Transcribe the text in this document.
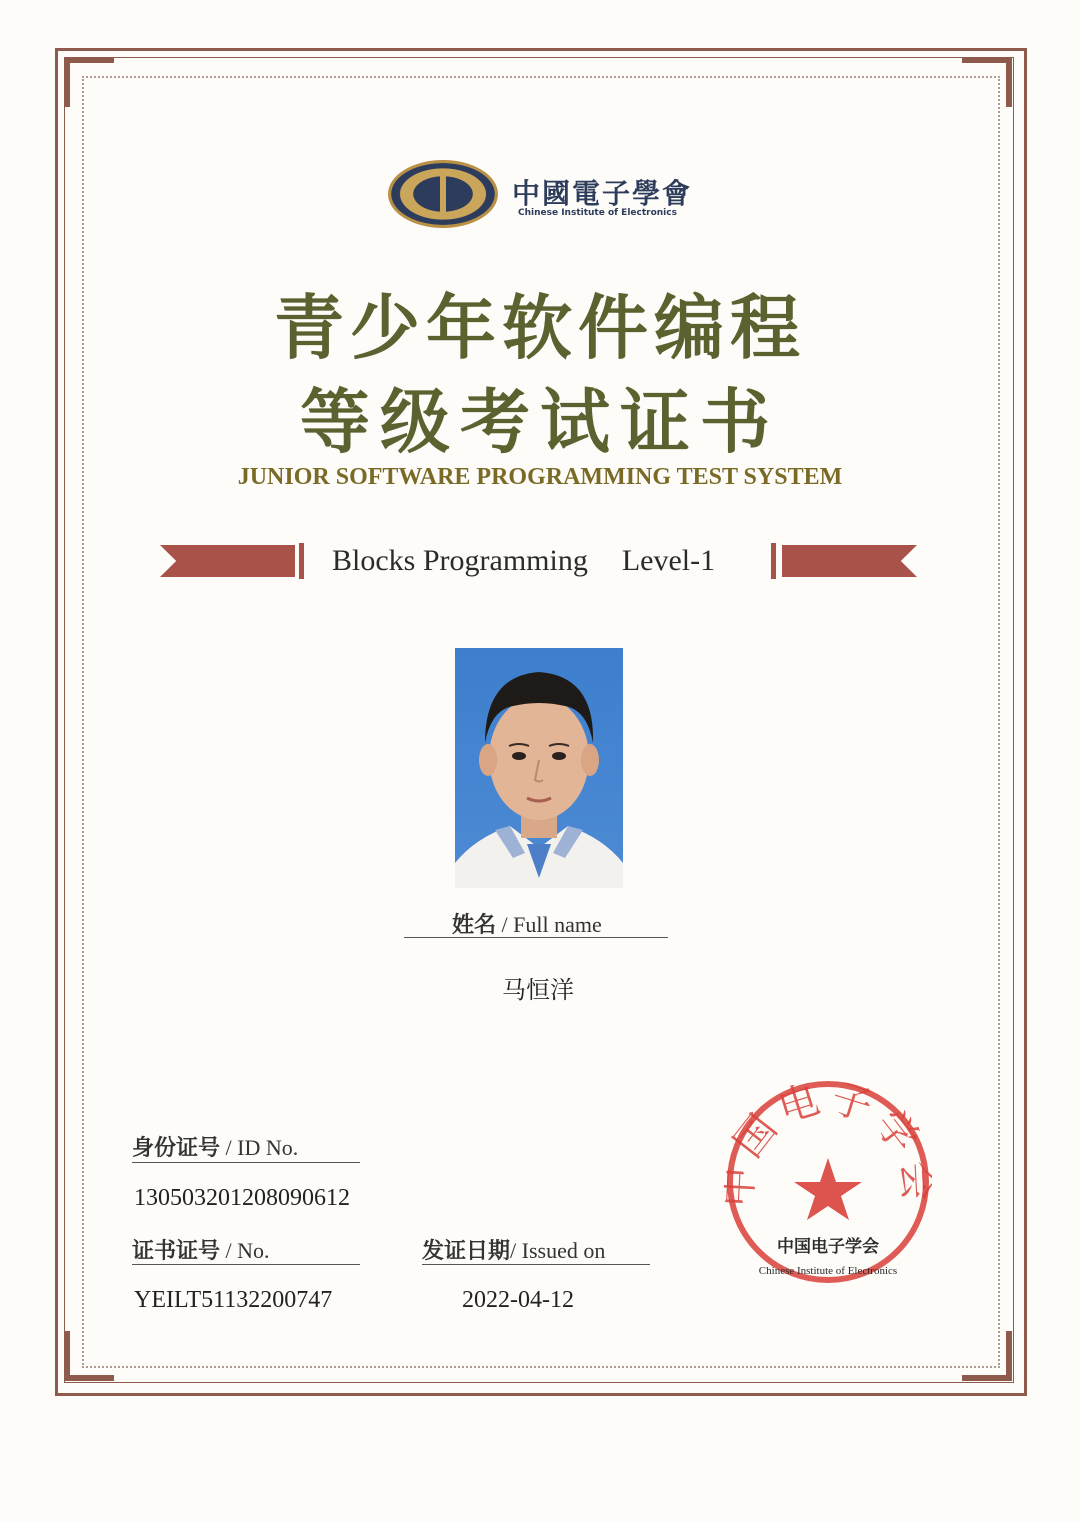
中國電子學會
Chinese Institute of Electronics
青少年软件编程
等级考试证书
JUNIOR SOFTWARE PROGRAMMING TEST SYSTEM
Blocks Programming Level-1
姓名 / Full name
马恒洋
身份证号 / ID No.
130503201208090612
证书证号 / No.
YEILT51132200747
发证日期/ Issued on
2022-04-12
国电子学
中国电子学会
Chinese Institute of Electronics
